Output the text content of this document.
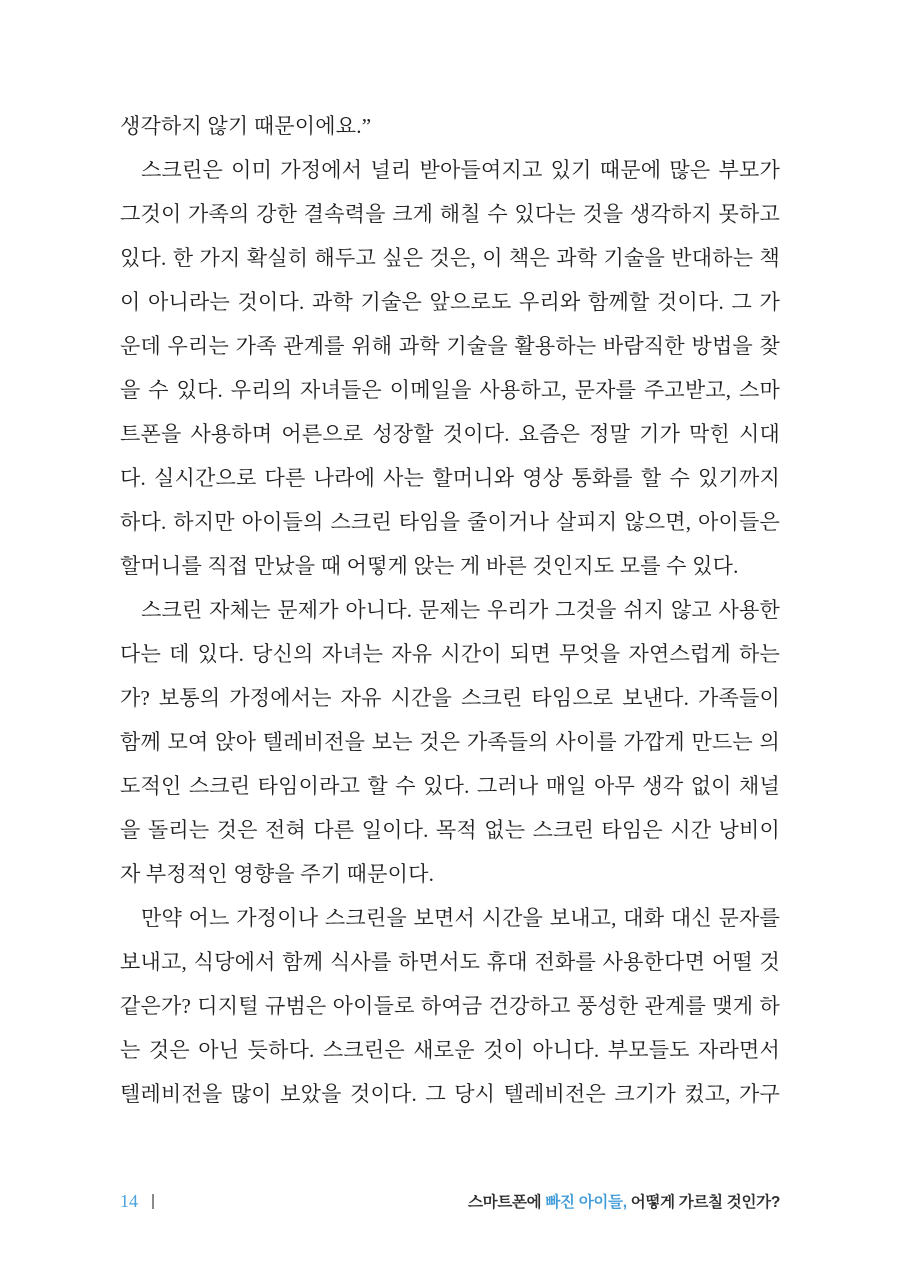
생각하지 않기 때문이에요.”
스크린은 이미 가정에서 널리 받아들여지고 있기 때문에 많은 부모가
그것이 가족의 강한 결속력을 크게 해칠 수 있다는 것을 생각하지 못하고
있다. 한 가지 확실히 해두고 싶은 것은, 이 책은 과학 기술을 반대하는 책
이 아니라는 것이다. 과학 기술은 앞으로도 우리와 함께할 것이다. 그 가
운데 우리는 가족 관계를 위해 과학 기술을 활용하는 바람직한 방법을 찾
을 수 있다. 우리의 자녀들은 이메일을 사용하고, 문자를 주고받고, 스마
트폰을 사용하며 어른으로 성장할 것이다. 요즘은 정말 기가 막힌 시대
다. 실시간으로 다른 나라에 사는 할머니와 영상 통화를 할 수 있기까지
하다. 하지만 아이들의 스크린 타임을 줄이거나 살피지 않으면, 아이들은
할머니를 직접 만났을 때 어떻게 앉는 게 바른 것인지도 모를 수 있다.
스크린 자체는 문제가 아니다. 문제는 우리가 그것을 쉬지 않고 사용한
다는 데 있다. 당신의 자녀는 자유 시간이 되면 무엇을 자연스럽게 하는
가? 보통의 가정에서는 자유 시간을 스크린 타임으로 보낸다. 가족들이
함께 모여 앉아 텔레비전을 보는 것은 가족들의 사이를 가깝게 만드는 의
도적인 스크린 타임이라고 할 수 있다. 그러나 매일 아무 생각 없이 채널
을 돌리는 것은 전혀 다른 일이다. 목적 없는 스크린 타임은 시간 낭비이
자 부정적인 영향을 주기 때문이다.
만약 어느 가정이나 스크린을 보면서 시간을 보내고, 대화 대신 문자를
보내고, 식당에서 함께 식사를 하면서도 휴대 전화를 사용한다면 어떨 것
같은가? 디지털 규범은 아이들로 하여금 건강하고 풍성한 관계를 맺게 하
는 것은 아닌 듯하다. 스크린은 새로운 것이 아니다. 부모들도 자라면서
텔레비전을 많이 보았을 것이다. 그 당시 텔레비전은 크기가 컸고, 가구
14	스마트폰에 빠진 아이들, 어떻게 가르칠 것인가?
